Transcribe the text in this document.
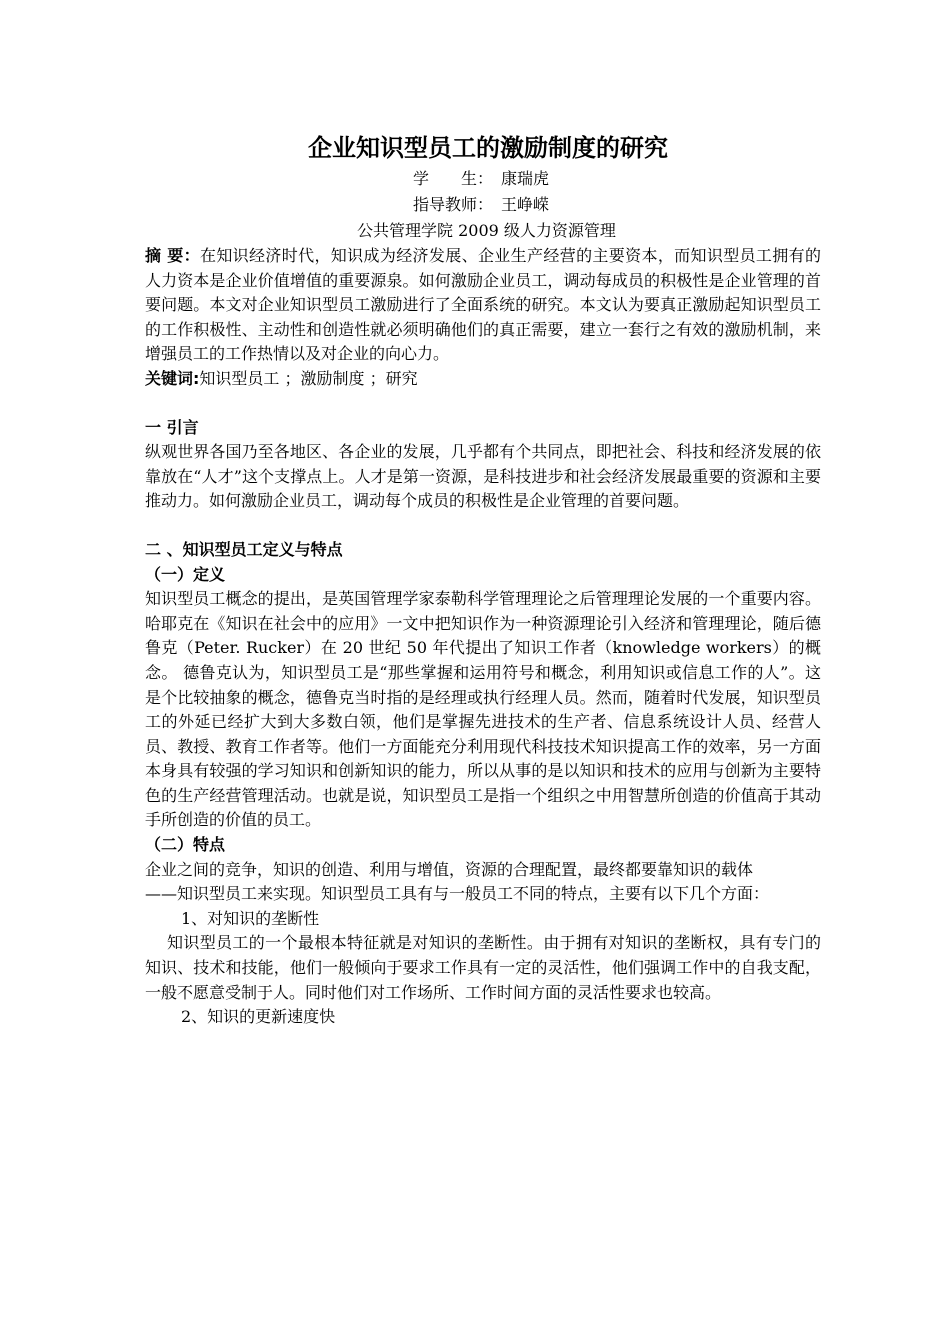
企业知识型员工的激励制度的研究
学　　生：　康瑞虎
指导教师：　王峥嵘
公共管理学院 2009 级人力资源管理

摘 要：在知识经济时代，知识成为经济发展、企业生产经营的主要资本，而知识型员工拥有的人力资本是企业价值增值的重要源泉。如何激励企业员工，调动每成员的积极性是企业管理的首要问题。本文对企业知识型员工激励进行了全面系统的研究。本文认为要真正激励起知识型员工的工作积极性、主动性和创造性就必须明确他们的真正需要，建立一套行之有效的激励机制，来增强员工的工作热情以及对企业的向心力。

关键词:知识型员工 ；激励制度 ；研究

一 引言

纵观世界各国乃至各地区、各企业的发展，几乎都有个共同点，即把社会、科技和经济发展的依靠放在“人才”这个支撑点上。人才是第一资源，是科技进步和社会经济发展最重要的资源和主要推动力。如何激励企业员工，调动每个成员的积极性是企业管理的首要问题。

二 、知识型员工定义与特点

（一）定义

知识型员工概念的提出，是英国管理学家泰勒科学管理理论之后管理理论发展的一个重要内容。哈耶克在《知识在社会中的应用》一文中把知识作为一种资源理论引入经济和管理理论，随后德鲁克（Peter. Rucker）在 20 世纪 50 年代提出了知识工作者（knowledge workers）的概念。 德鲁克认为，知识型员工是“那些掌握和运用符号和概念，利用知识或信息工作的人”。这是个比较抽象的概念，德鲁克当时指的是经理或执行经理人员。然而，随着时代发展，知识型员工的外延已经扩大到大多数白领，他们是掌握先进技术的生产者、信息系统设计人员、经营人员、教授、教育工作者等。他们一方面能充分利用现代科技技术知识提高工作的效率，另一方面本身具有较强的学习知识和创新知识的能力，所以从事的是以知识和技术的应用与创新为主要特色的生产经营管理活动。也就是说，知识型员工是指一个组织之中用智慧所创造的价值高于其动手所创造的价值的员工。

（二）特点

企业之间的竞争，知识的创造、利用与增值，资源的合理配置，最终都要靠知识的载体

——知识型员工来实现。知识型员工具有与一般员工不同的特点，主要有以下几个方面：

1、对知识的垄断性

知识型员工的一个最根本特征就是对知识的垄断性。由于拥有对知识的垄断权，具有专门的知识、技术和技能，他们一般倾向于要求工作具有一定的灵活性，他们强调工作中的自我支配，一般不愿意受制于人。同时他们对工作场所、工作时间方面的灵活性要求也较高。

2、知识的更新速度快
